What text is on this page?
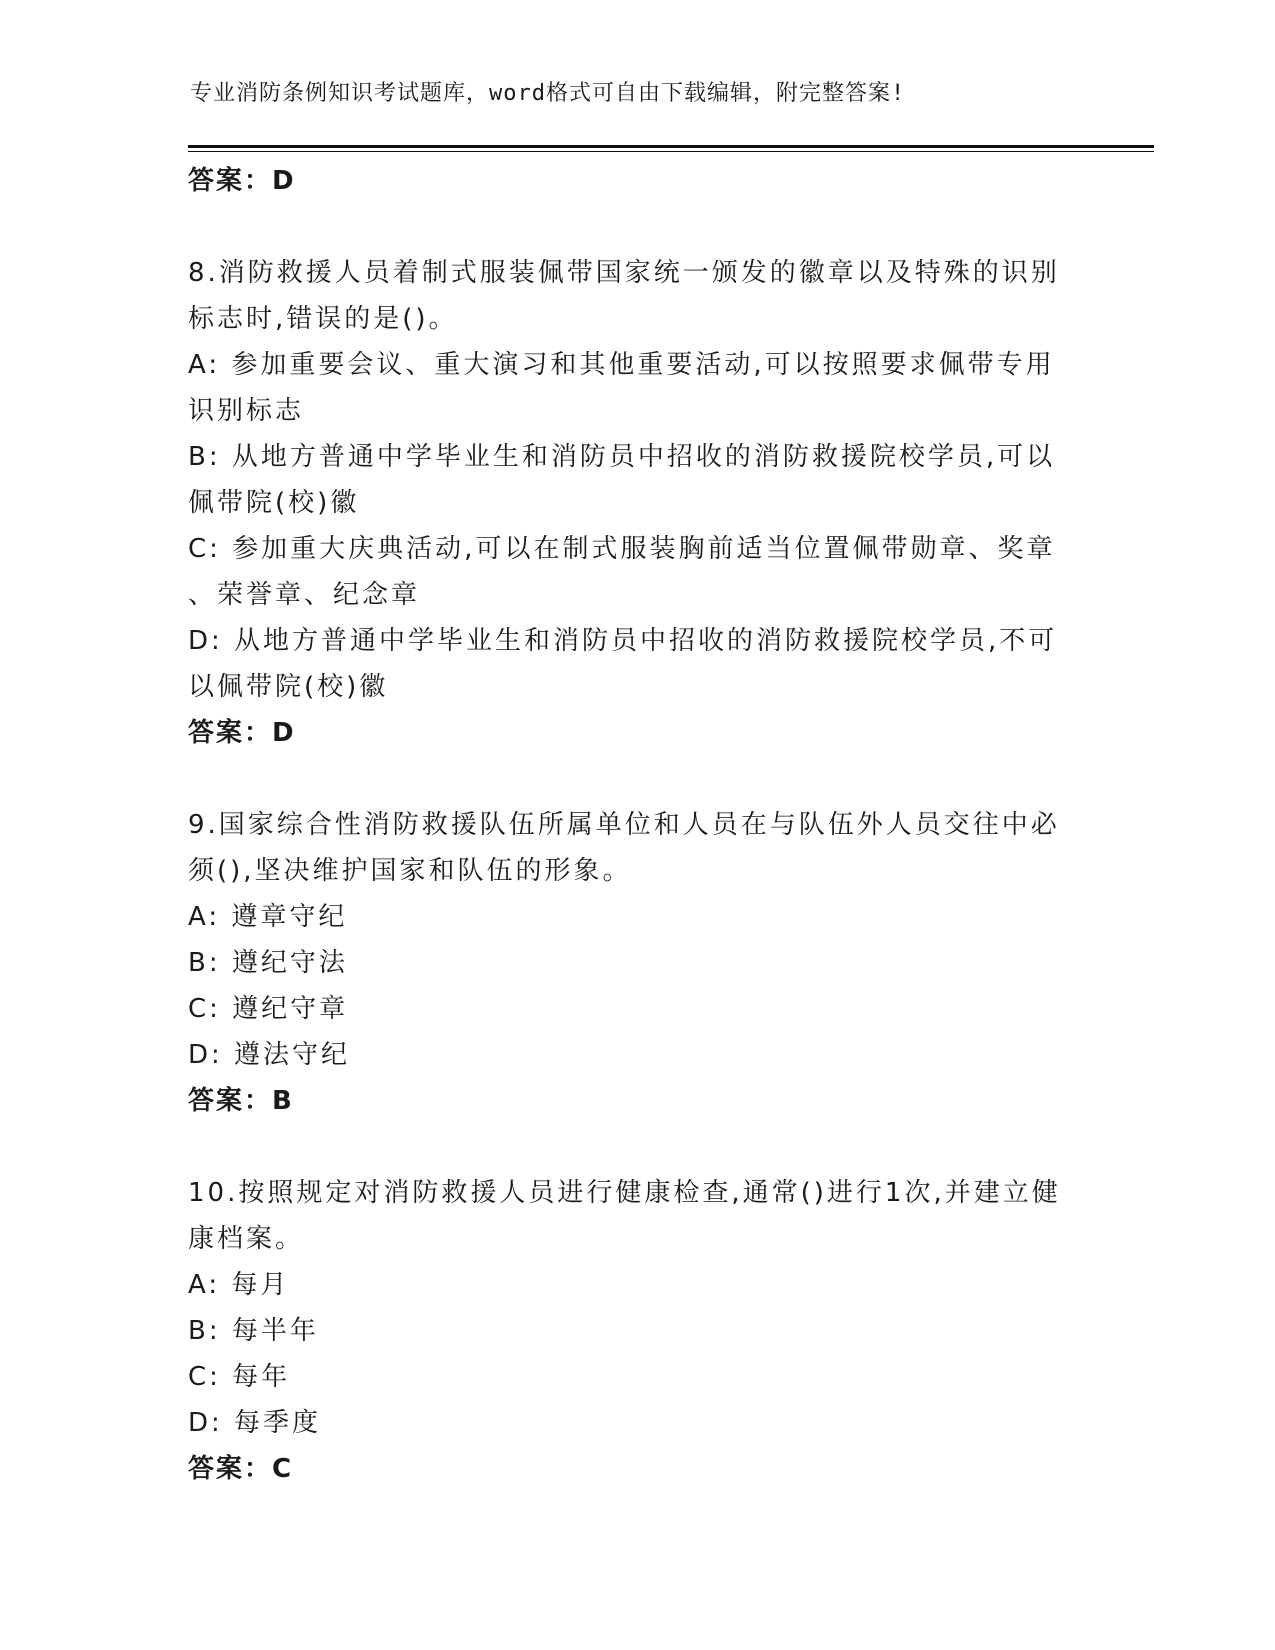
专业消防条例知识考试题库，word格式可自由下载编辑，附完整答案!
答案：D
8.消防救援人员着制式服装佩带国家统一颁发的徽章以及特殊的识别
标志时,错误的是()。
A: 参加重要会议、重大演习和其他重要活动,可以按照要求佩带专用
识别标志
B: 从地方普通中学毕业生和消防员中招收的消防救援院校学员,可以
佩带院(校)徽
C: 参加重大庆典活动,可以在制式服装胸前适当位置佩带勋章、奖章
、荣誉章、纪念章
D: 从地方普通中学毕业生和消防员中招收的消防救援院校学员,不可
以佩带院(校)徽
答案：D
9.国家综合性消防救援队伍所属单位和人员在与队伍外人员交往中必
须(),坚决维护国家和队伍的形象。
A: 遵章守纪
B: 遵纪守法
C: 遵纪守章
D: 遵法守纪
答案：B
10.按照规定对消防救援人员进行健康检查,通常()进行1次,并建立健
康档案。
A: 每月
B: 每半年
C: 每年
D: 每季度
答案：C
